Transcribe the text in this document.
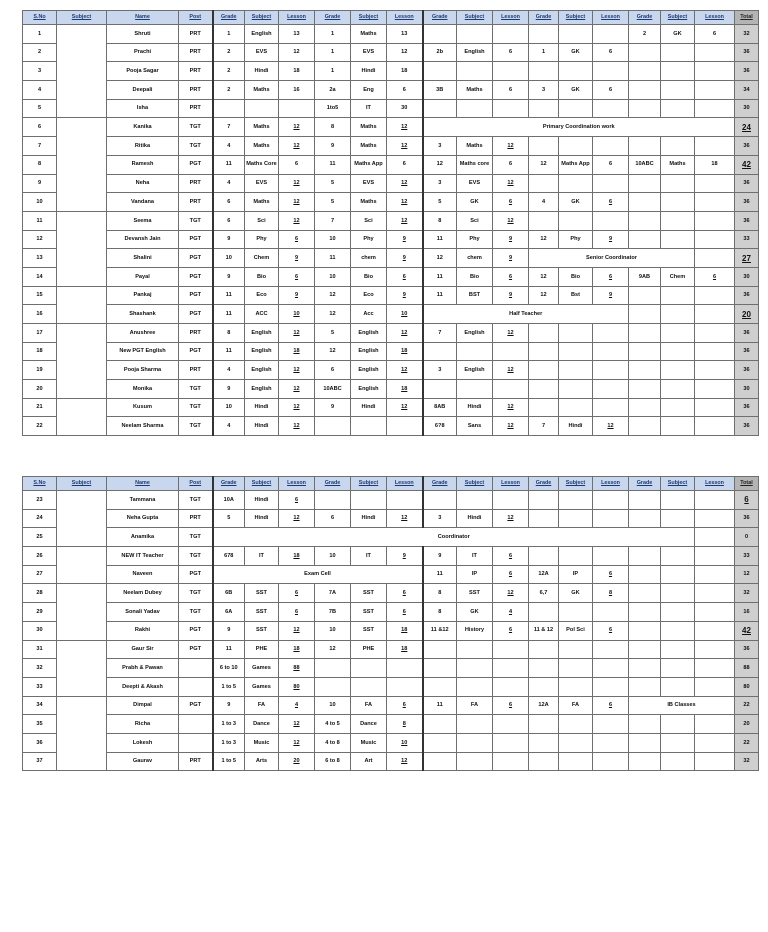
S.No	Subject	Name	Post	Grade	Subject	Lesson	Grade	Subject	Lesson	Grade	Subject	Lesson	Grade	Subject	Lesson	Grade	Subject	Lesson	Total
1		Shruti	PRT	1	English	13	1	Maths	13							2	GK	6	32
2		Prachi	PRT	2	EVS	12	1	EVS	12	2b	English	6	1	GK	6				36
3		Pooja Sagar	PRT	2	Hindi	18	1	Hindi	18										36
4		Deepali	PRT	2	Maths	16	2a	Eng	6	3B	Maths	6	3	GK	6				34
5		Isha	PRT				1to5	IT	30										30
6		Kanika	TGT	7	Maths	12	8	Maths	12	Primary Coordination work									24
7		Ritika	TGT	4	Maths	12	9	Maths	12	3	Maths	12							36
8		Ramesh	PGT	11	Maths Core	6	11	Maths App	6	12	Maths core	6	12	Maths App	6	10ABC	Maths	18	42
9		Neha	PRT	4	EVS	12	5	EVS	12	3	EVS	12							36
10		Vandana	PRT	6	Maths	12	5	Maths	12	5	GK	6	4	GK	6				36
11		Seema	TGT	6	Sci	12	7	Sci	12	8	Sci	12							36
12		Devansh Jain	PGT	9	Phy	6	10	Phy	9	11	Phy	9	12	Phy	9				33
13		Shalini	PGT	10	Chem	9	11	chem	9	12	chem	9	Senior Coordinator						27
14		Payal	PGT	9	Bio	6	10	Bio	6	11	Bio	6	12	Bio	6	9AB	Chem	6	30
15		Pankaj	PGT	11	Eco	9	12	Eco	9	11	BST	9	12	Bst	9				36
16		Shashank	PGT	11	ACC	10	12	Acc	10	Half Teacher									20
17		Anushree	PRT	8	English	12	5	English	12	7	English	12							36
18		New PGT English	PGT	11	English	18	12	English	18										36
19		Pooja Sharma	PRT	4	English	12	6	English	12	3	English	12							36
20		Monika	TGT	9	English	12	10ABC	English	18										30
21		Kusum	TGT	10	Hindi	12	9	Hindi	12	8AB	Hindi	12							36
22		Neelam Sharma	TGT	4	Hindi	12				6?8	Sans	12	7	Hindi	12				36
S.No	Subject	Name	Post	Grade	Subject	Lesson	Grade	Subject	Lesson	Grade	Subject	Lesson	Grade	Subject	Lesson	Grade	Subject	Lesson	Total
23		Tammana	TGT	10A	Hindi	6													6
24		Neha Gupta	PRT	5	Hindi	12	6	Hindi	12	3	Hindi	12							36
25		Anamika	TGT	Coordinator															0
26		NEW IT Teacher	TGT	678	IT	18	10	IT	9	9	IT	6							33
27		Naveen	PGT	Exam Cell						11	IP	6	12A	IP	6				12
28		Neelam Dubey	TGT	6B	SST	6	7A	SST	6	8	SST	12	6,7	GK	8				32
29		Sonali Yadav	TGT	6A	SST	6	7B	SST	6	8	GK	4							16
30		Rakhi	PGT	9	SST	12	10	SST	18	11 &12	History	6	11 & 12	Pol Sci	6				42
31		Gaur Sir	PGT	11	PHE	18	12	PHE	18										36
32		Prabh & Pawan		6 to 10	Games	88													88
33		Deepti & Akash		1 to 5	Games	80													80
34		Dimpal	PGT	9	FA	4	10	FA	6	11	FA	6	12A	FA	6	IB Classes			22
35		Richa		1 to 3	Dance	12	4 to 5	Dance	8										20
36		Lokesh		1 to 3	Music	12	4 to 8	Music	10										22
37		Gaurav	PRT	1 to 5	Arts	20	6 to 8	Art	12										32
